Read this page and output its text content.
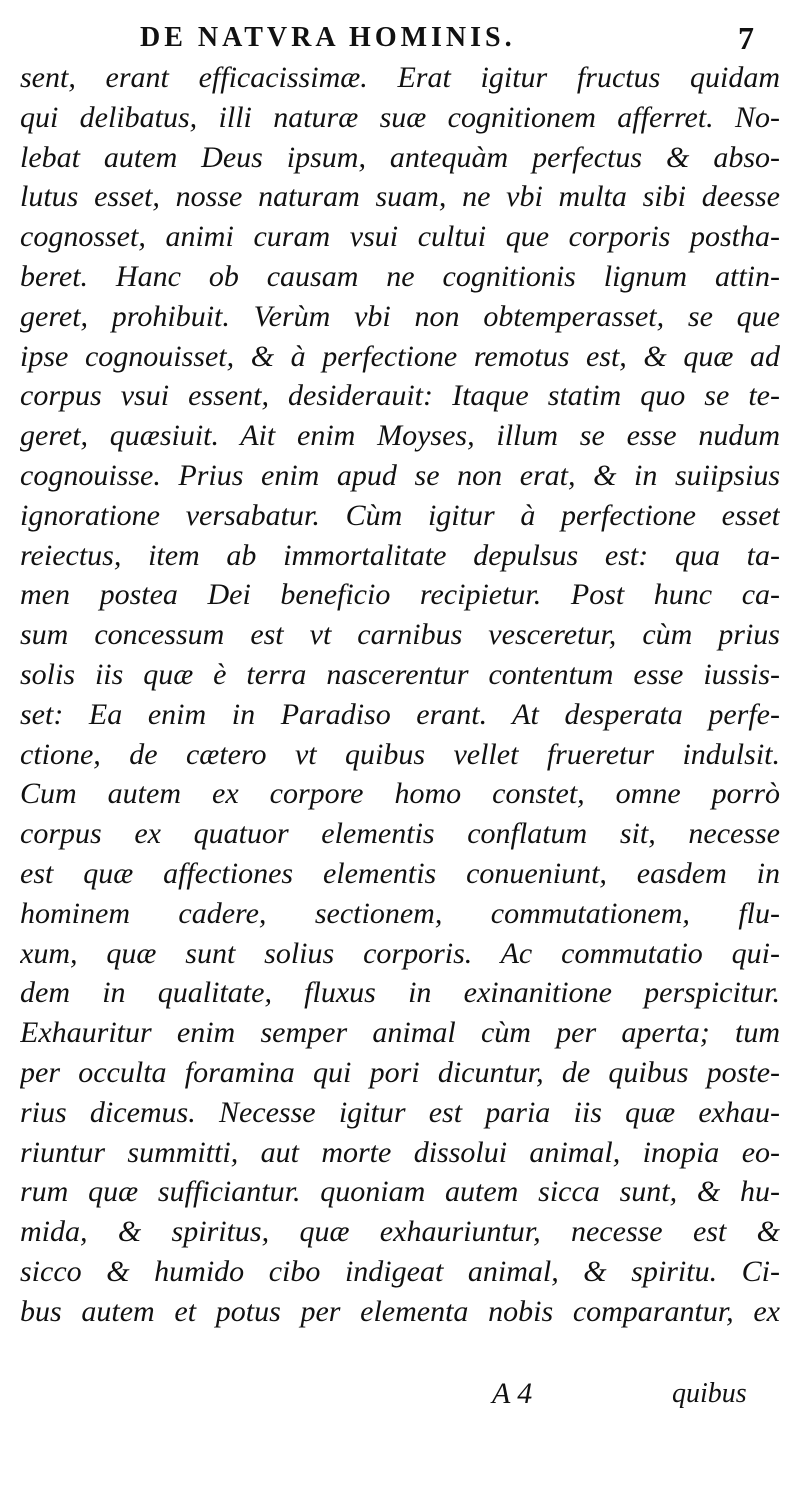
DE NATVRA HOMINIS.	7
sent, erant efficacissimæ. Erat igitur fructus quidam
qui delibatus, illi naturæ suæ cognitionem afferret. No-
lebat autem Deus ipsum, antequàm perfectus & abso-
lutus esset, nosse naturam suam, ne vbi multa sibi deesse
cognosset, animi curam vsui cultui que corporis postha-
beret. Hanc ob causam ne cognitionis lignum attin-
geret, prohibuit. Verùm vbi non obtemperasset, se que
ipse cognouisset, & à perfectione remotus est, & quæ ad
corpus vsui essent, desiderauit: Itaque statim quo se te-
geret, quæsiuit. Ait enim Moyses, illum se esse nudum
cognouisse. Prius enim apud se non erat, & in suiipsius
ignoratione versabatur. Cùm igitur à perfectione esset
reiectus, item ab immortalitate depulsus est: qua ta-
men postea Dei beneficio recipietur. Post hunc ca-
sum concessum est vt carnibus vesceretur, cùm prius
solis iis quæ è terra nascerentur contentum esse iussis-
set: Ea enim in Paradiso erant. At desperata perfe-
ctione, de cætero vt quibus vellet frueretur indulsit.
Cum autem ex corpore homo constet, omne porrò
corpus ex quatuor elementis conflatum sit, necesse
est quæ affectiones elementis conueniunt, easdem in
hominem cadere, sectionem, commutationem, flu-
xum, quæ sunt solius corporis. Ac commutatio qui-
dem in qualitate, fluxus in exinanitione perspicitur.
Exhauritur enim semper animal cùm per aperta; tum
per occulta foramina qui pori dicuntur, de quibus poste-
rius dicemus. Necesse igitur est paria iis quæ exhau-
riuntur summitti, aut morte dissolui animal, inopia eo-
rum quæ sufficiantur. quoniam autem sicca sunt, & hu-
mida, & spiritus, quæ exhauriuntur, necesse est &
sicco & humido cibo indigeat animal, & spiritu. Ci-
bus autem et potus per elementa nobis comparantur, ex
A 4	quibus
